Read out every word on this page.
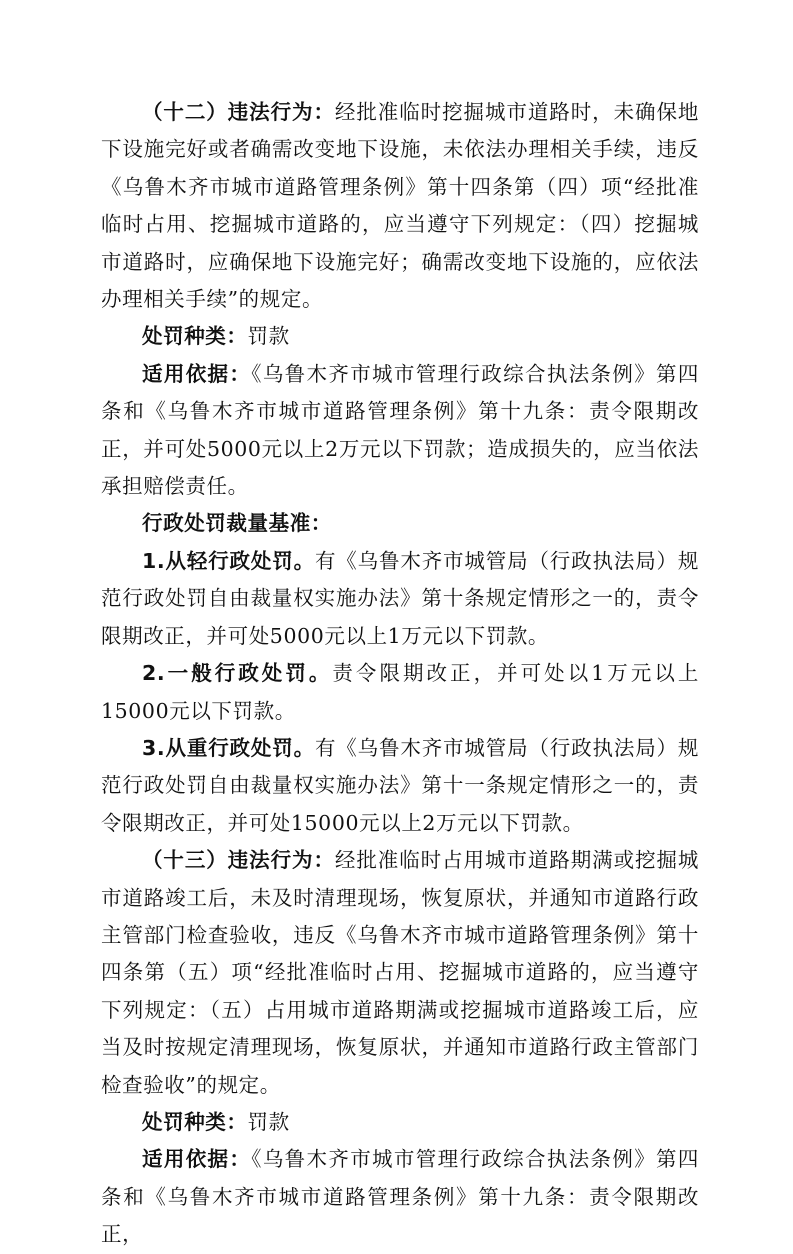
（十二）违法行为：经批准临时挖掘城市道路时，未确保地下设施完好或者确需改变地下设施，未依法办理相关手续，违反《乌鲁木齐市城市道路管理条例》第十四条第（四）项“经批准临时占用、挖掘城市道路的，应当遵守下列规定：（四）挖掘城市道路时，应确保地下设施完好；确需改变地下设施的，应依法办理相关手续”的规定。

处罚种类：罚款

适用依据：《乌鲁木齐市城市管理行政综合执法条例》第四条和《乌鲁木齐市城市道路管理条例》第十九条：责令限期改正，并可处5000元以上2万元以下罚款；造成损失的，应当依法承担赔偿责任。

行政处罚裁量基准：

1.从轻行政处罚。有《乌鲁木齐市城管局（行政执法局）规范行政处罚自由裁量权实施办法》第十条规定情形之一的，责令限期改正，并可处5000元以上1万元以下罚款。

2.一般行政处罚。责令限期改正，并可处以1万元以上15000元以下罚款。

3.从重行政处罚。有《乌鲁木齐市城管局（行政执法局）规范行政处罚自由裁量权实施办法》第十一条规定情形之一的，责令限期改正，并可处15000元以上2万元以下罚款。

（十三）违法行为：经批准临时占用城市道路期满或挖掘城市道路竣工后，未及时清理现场，恢复原状，并通知市道路行政主管部门检查验收，违反《乌鲁木齐市城市道路管理条例》第十四条第（五）项“经批准临时占用、挖掘城市道路的，应当遵守下列规定：（五）占用城市道路期满或挖掘城市道路竣工后，应当及时按规定清理现场，恢复原状，并通知市道路行政主管部门检查验收”的规定。

处罚种类：罚款

适用依据：《乌鲁木齐市城市管理行政综合执法条例》第四条和《乌鲁木齐市城市道路管理条例》第十九条：责令限期改正，
